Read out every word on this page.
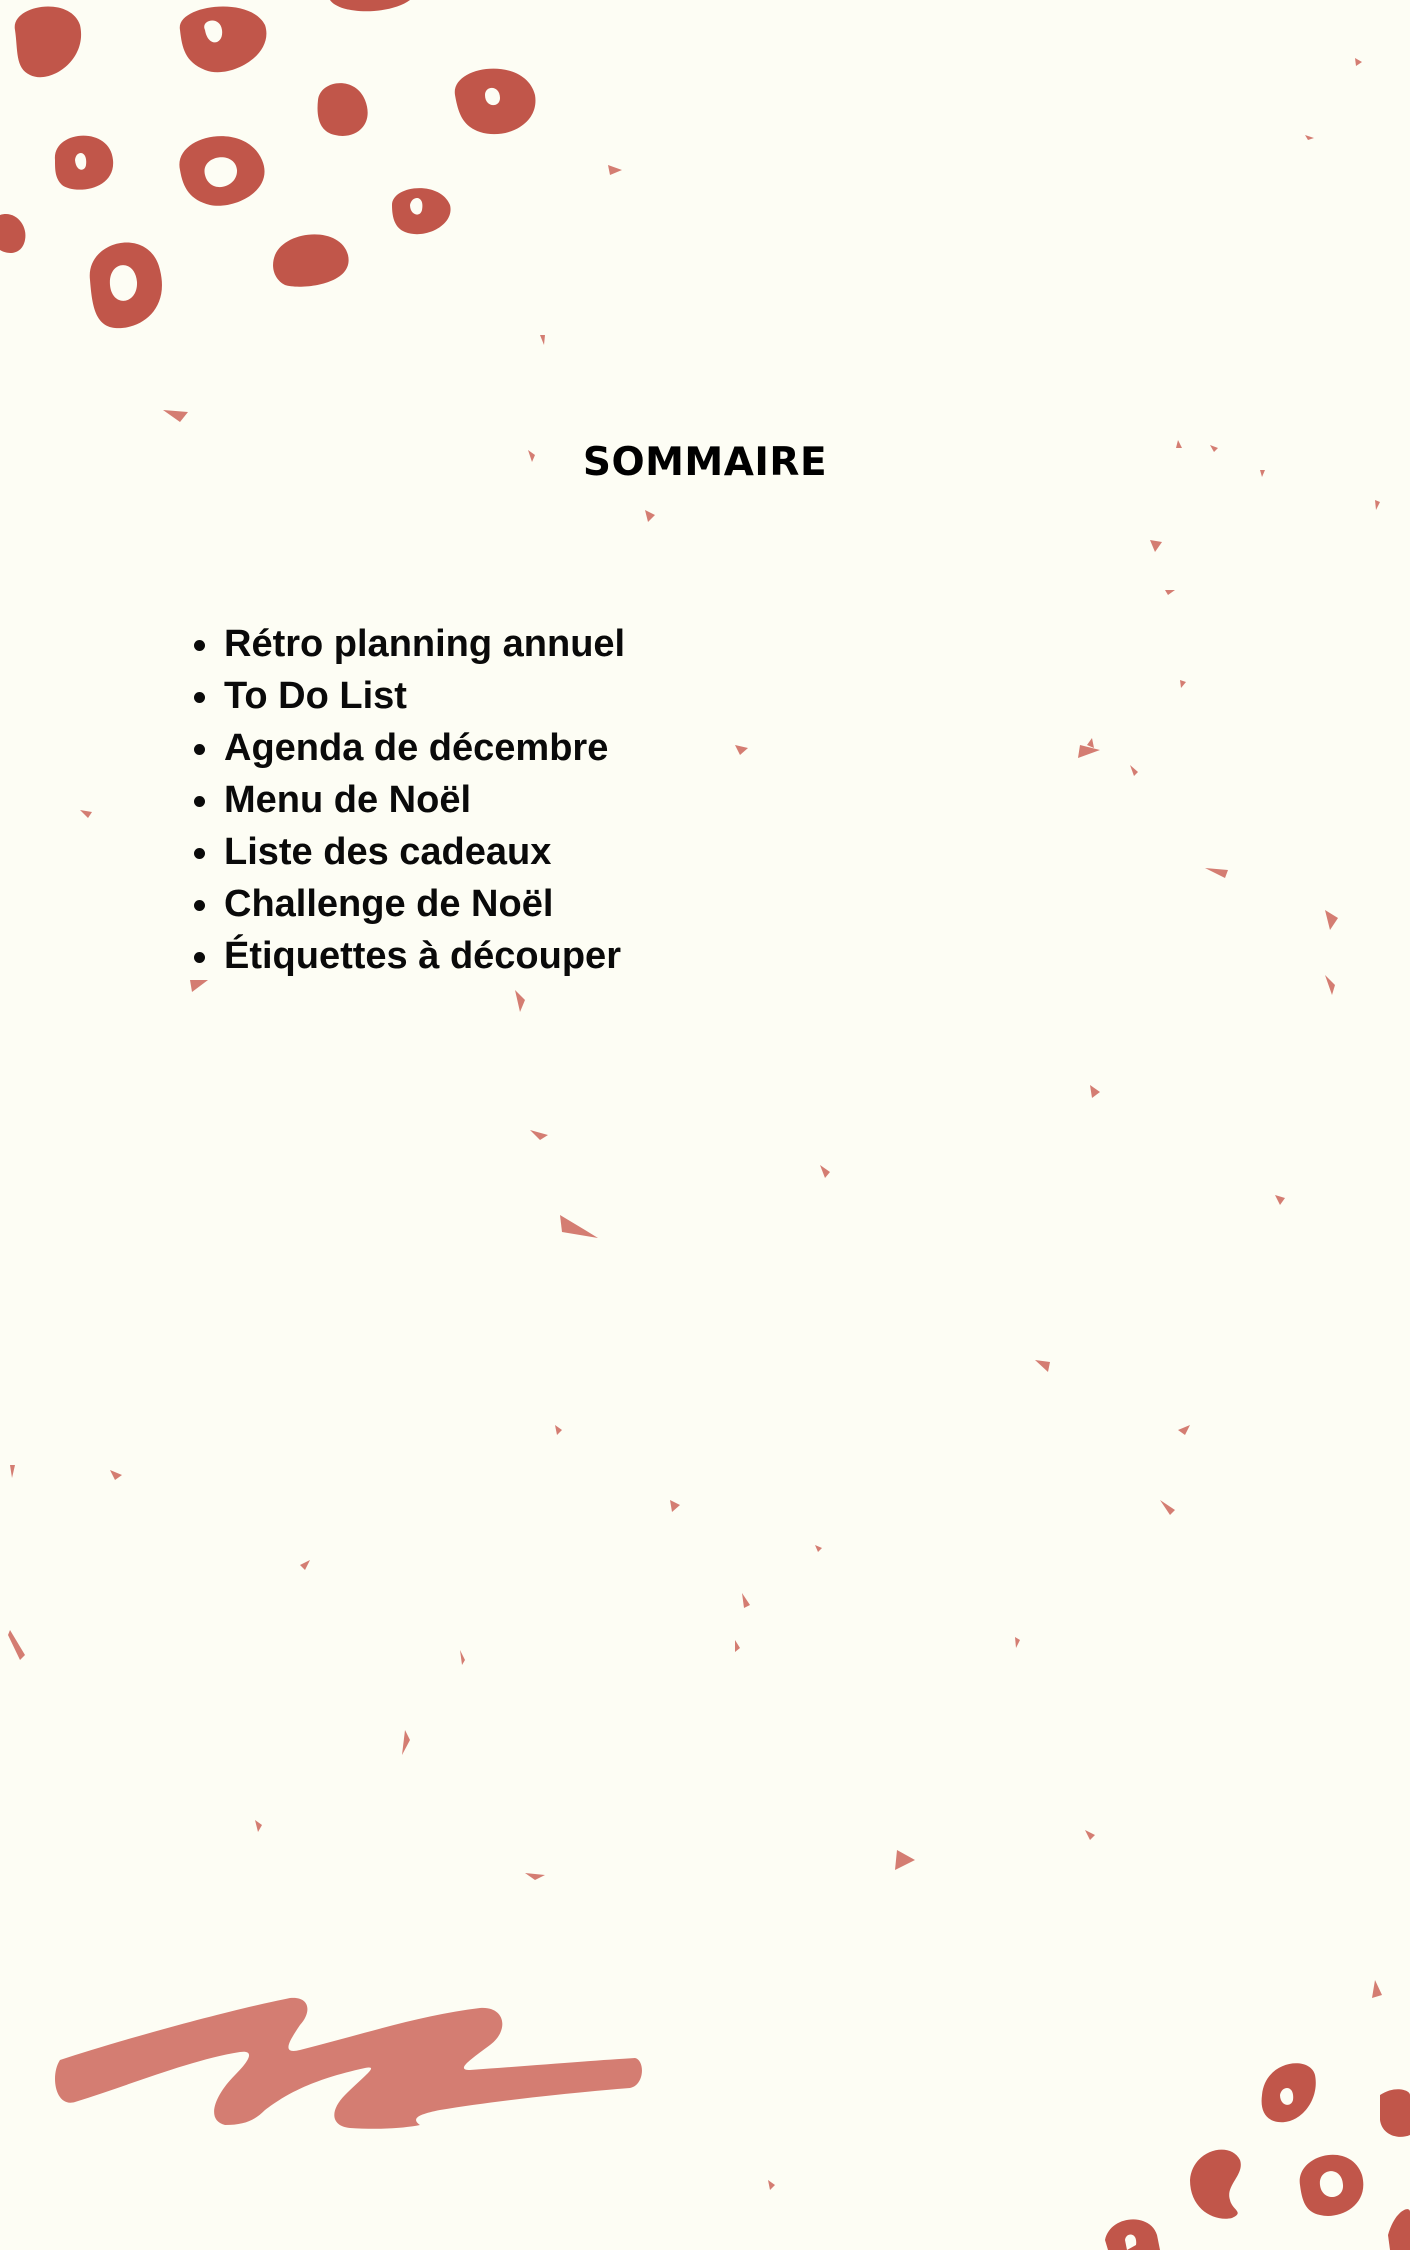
SOMMAIRE
Rétro planning annuel
To Do List
Agenda de décembre
Menu de Noël
Liste des cadeaux
Challenge de Noël
Étiquettes à découper
